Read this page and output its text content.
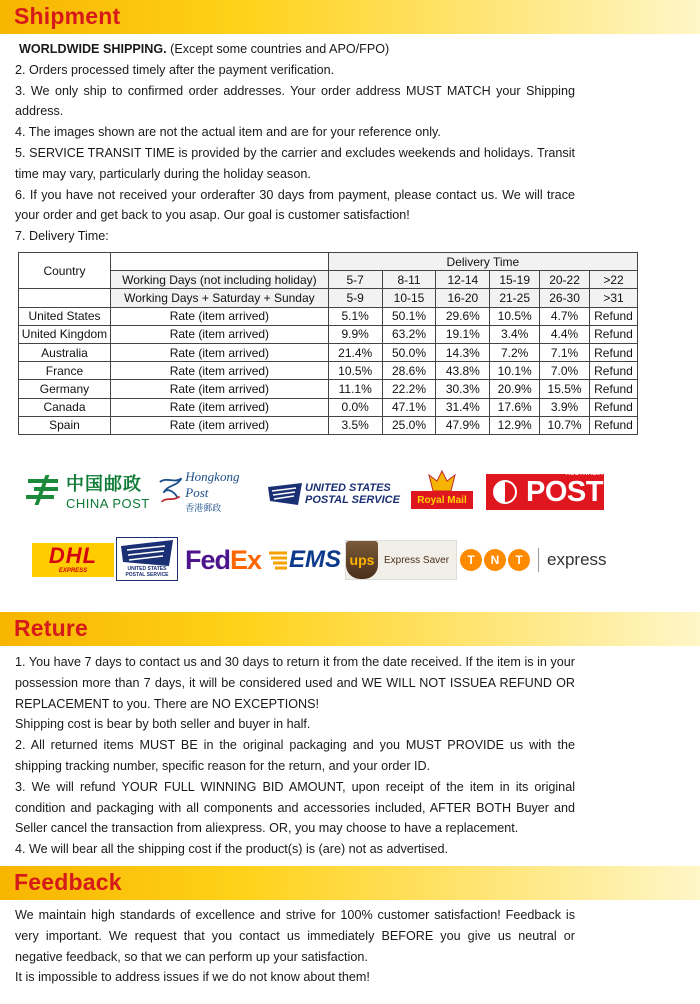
Shipment

WORLDWIDE SHIPPING. (Except some countries and APO/FPO)

2. Orders processed timely after the payment verification.

3. We only ship to confirmed order addresses. Your order address MUST MATCH your Shipping address.

4. The images shown are not the actual item and are for your reference only.

5. SERVICE TRANSIT TIME is provided by the carrier and excludes weekends and holidays. Transit time may vary, particularly during the holiday season.

6. If you have not received your orderafter 30 days from payment, please contact us. We will trace your order and get back to you asap. Our goal is customer satisfaction!

7. Delivery Time:

Country		Delivery Time					
	Working Days (not including holiday)	5-7	8-11	12-14	15-19	20-22	>22
	Working Days + Saturday + Sunday	5-9	10-15	16-20	21-25	26-30	>31
United States	Rate (item arrived)	5.1%	50.1%	29.6%	10.5%	4.7%	Refund
United Kingdom	Rate (item arrived)	9.9%	63.2%	19.1%	3.4%	4.4%	Refund
Australia	Rate (item arrived)	21.4%	50.0%	14.3%	7.2%	7.1%	Refund
France	Rate (item arrived)	10.5%	28.6%	43.8%	10.1%	7.0%	Refund
Germany	Rate (item arrived)	11.1%	22.2%	30.3%	20.9%	15.5%	Refund
Canada	Rate (item arrived)	0.0%	47.1%	31.4%	17.6%	3.9%	Refund
Spain	Rate (item arrived)	3.5%	25.0%	47.9%	12.9%	10.7%	Refund
中国邮政
CHINA POST
Hongkong Post
香港郵政
UNITED STATES
POSTAL SERVICE	Royal Mail
AUSTRALIA
POST
DHL
EXPRESS	UNITED STATES
POSTAL SERVICE
Fed Ex EMS ups Express Saver	T	N	T	express
Reture

1. You have 7 days to contact us and 30 days to return it from the date received. If the item is in your possession more than 7 days, it will be considered used and WE WILL NOT ISSUEA REFUND OR REPLACEMENT to you. There are NO EXCEPTIONS!

Shipping cost is bear by both seller and buyer in half.

2. All returned items MUST BE in the original packaging and you MUST PROVIDE us with the shipping tracking number, specific reason for the return, and your order ID.

3. We will refund YOUR FULL WINNING BID AMOUNT, upon receipt of the item in its original condition and packaging with all components and accessories included, AFTER BOTH Buyer and Seller cancel the transaction from aliexpress. OR, you may choose to have a replacement.

4. We will bear all the shipping cost if the product(s) is (are) not as advertised.

Feedback

We maintain high standards of excellence and strive for 100% customer satisfaction! Feedback is very important. We request that you contact us immediately BEFORE you give us neutral or negative feedback, so that we can perform up your satisfaction.

It is impossible to address issues if we do not know about them!
